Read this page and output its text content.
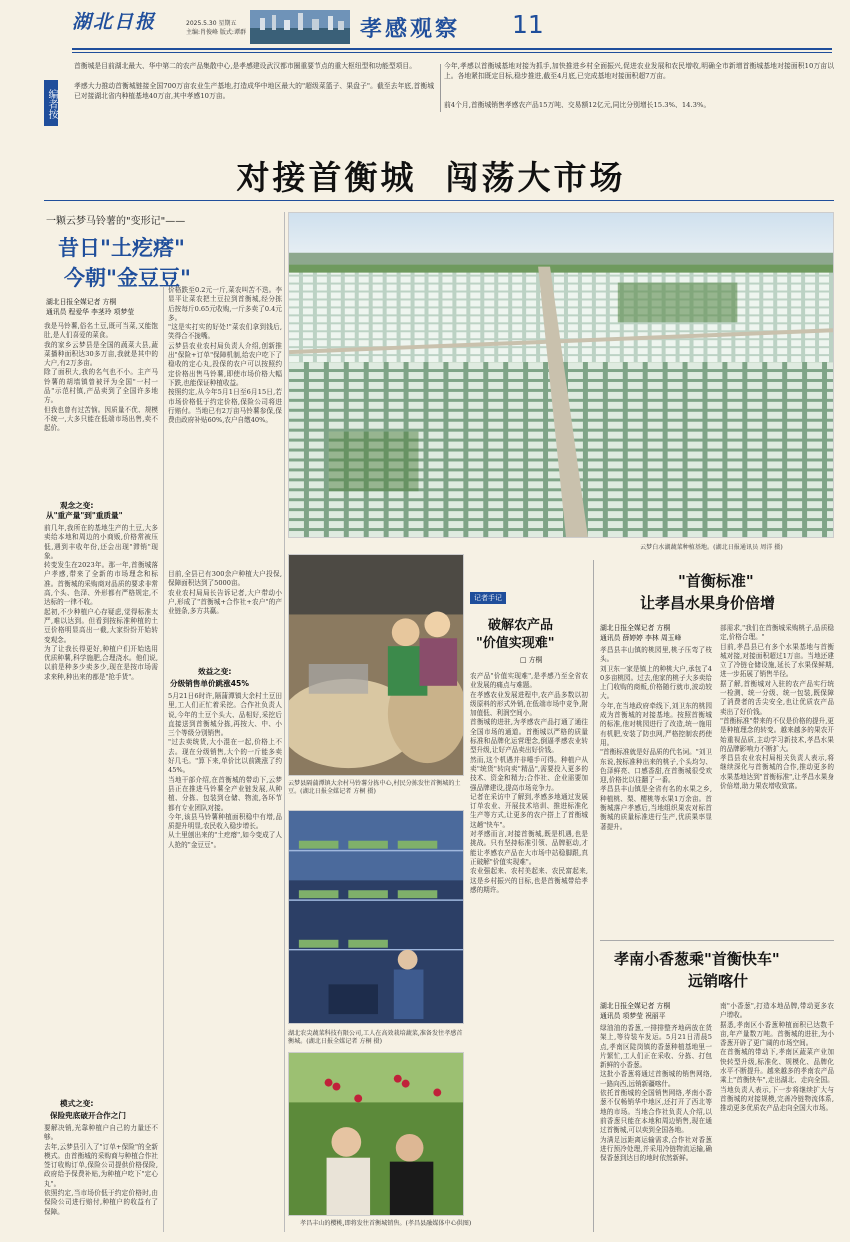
湖北日报	2025.5.30 星期五
主编:肖俊峰 版式:谭群	孝感观察 11
编者按
首衡城是目前湖北最大、华中第二的农产品集散中心,是孝感建设武汉都市圈重要节点的重大枢纽型和功能型项目。
孝感大力推动首衡城链接全国700万亩农业生产基地,打造成华中地区最大的"超级菜篮子、果盘子"。截至去年底,首衡城已对接湖北省内种植基地40万亩,其中孝感10万亩。
今年,孝感以首衡城基地对接为抓手,加快推进乡村全面振兴,促进农业发展和农民增收,明确全市新增首衡城基地对接面积10万亩以上。各地紧扣既定目标,稳步推进,截至4月底,已完成基地对接面积超7万亩。
前4个月,首衡城销售孝感农产品15万吨、交易额12亿元,同比分别增长15.3%、14.3%。
对接首衡城  闯荡大市场
一颗云梦马铃薯的"变形记"——
昔日"土疙瘩"
今朝"金豆豆"
湖北日报全媒记者 方桐
通讯员 程爱华 李茎玲 项梦莹
我是马铃薯,俗名土豆,既可当菜,又能饱肚,是人们喜爱的菜食。
我的家乡云梦县是全国的蔬菜大县,蔬菜播种面积达30多万亩,我就是其中的大户,有2万多亩。
除了面积大,我的名气也不小。主产马铃薯的胡墙镇曾被评为全国"一村一品"示范村镇,产品卖到了全国许多地方。
但我也曾有过苦恼。因质量不优、规模不统一,大多只能在低端市场出售,卖不起价。
观念之变:
从"重产量"到"重质量"
前几年,我所在的基地生产的土豆,大多卖给本地和周边的小商贩,价格常被压低,遇到丰收年份,还会出现"滞销"现象。
转变发生在2023年。那一年,首衡城落户孝感,带来了全新的市场理念和标准。首衡城的采购商对品质的要求非常高,个头、色泽、外形都有严格规定,不达标的一律不收。
起初,不少种植户心存疑虑,觉得标准太严,难以达到。但看到按标准种植的土豆价格明显高出一截,大家纷纷开始转变观念。
为了让我长得更好,种植户们开始选用优质种薯,科学施肥,合理浇水。他们说,以前是种多少卖多少,现在是按市场需求来种,种出来的都是"抢手货"。
模式之变:
保险兜底破开合作之门
要解决销,光靠种植户自己的力量还不够。
去年,云梦县引入了"订单+保险"的全新模式。由首衡城的采购商与种植合作社签订收购订单,保险公司提供价格保险,政府给予保费补贴,为种植户吃下"定心丸"。
依照约定,当市场价低于约定价格时,由保险公司进行赔付,种植户的收益有了保障。
价格跌至0.2元一斤,菜农叫苦不迭。李显平让菜农把土豆拉到首衡城,经分拣后按每斤0.65元收购,一斤多卖了0.4元多。
"这是实打实的好处!"菜农们拿到钱后,笑得合不拢嘴。
云梦县农业农村局负责人介绍,创新推出"保险+订单"保障机制,给农户吃下了稳收的定心丸,投保的农户可以按照约定价格出售马铃薯,即使市场价格大幅下跌,也能保证种植收益。
按照约定,从今年5月1日至6月15日,若市场价格低于约定价格,保险公司将进行赔付。当地已有2万亩马铃薯参保,保费由政府补贴60%,农户自缴40%。
目前,全县已有300余户种植大户投保,保障面积达到了5000亩。
农业农村局局长告诉记者,大户带动小户,形成了"首衡城+合作社+农户"的产业链条,多方共赢。
效益之变:
分级销售单价跳涨45%
5月21日6时许,隔蒲潭镇大余村土豆田里,工人们正忙着采挖。合作社负责人说,今年的土豆个头大、品相好,采挖后直接送到首衡城分拣,再按大、中、小三个等级分别销售。
"过去卖统货,大小混在一起,价格上不去。现在分级销售,大个的一斤能多卖好几毛。"算下来,单价比以前跳涨了约45%。
当地干部介绍,在首衡城的带动下,云梦县正在推进马铃薯全产业链发展,从种植、分拣、包装到仓储、物流,各环节都有专业团队对接。
今年,该县马铃薯种植面积稳中有增,品质提升明显,农民收入稳步增长。
从土里刨出来的"土疙瘩",如今变成了人人抢的"金豆豆"。
云梦白水湖蔬菜种植基地。(湖北日报通讯员 周洋 摄)
云梦县隔蒲潭镇大余村马铃薯分拣中心,村民分拣发往首衡城的土豆。(湖北日报全媒记者 方桐 摄)
湖北农尖蔬菜科技有限公司,工人在高效栽培蔬菜,准备发往孝感首衡城。(湖北日报全媒记者 方桐 摄)
孝昌丰山的樱桃,即将发往首衡城销售。(孝昌县融媒体中心供图)
记者手记
破解农产品
"价值实现难"
□ 方桐
农产品"价值实现难",是孝感乃至全省农业发展的痛点与难题。
在孝感农业发展进程中,农产品多数以初级原料的形式外销,在低端市场中竞争,附加值低、利润空间小。
首衡城的进驻,为孝感农产品打通了通往全国市场的通道。首衡城以严格的质量标准和品牌化运营理念,倒逼孝感农业转型升级,让好产品卖出好价钱。
然而,这个机遇并非唾手可得。种植户从卖"统货"转向卖"精品",需要投入更多的技术、资金和精力;合作社、企业需要加强品牌建设,提高市场竞争力。
记者在采访中了解到,孝感多地通过发展订单农业、开展技术培训、推进标准化生产等方式,让更多的农户搭上了首衡城这趟"快车"。
对孝感而言,对接首衡城,既是机遇,也是挑战。只有坚持标准引领、品牌驱动,才能让孝感农产品在大市场中站稳脚跟,真正破解"价值实现难"。
农业强起来、农村美起来、农民富起来,这是乡村振兴的目标,也是首衡城带给孝感的期许。
"首衡标准"
让孝昌水果身价倍增
湖北日报全媒记者 方桐
通讯员 薛婷婷 李林 周玉峰
孝昌县丰山镇的桃园里,桃子压弯了枝头。
刘卫东一家是镇上的种桃大户,承包了40多亩桃园。过去,他家的桃子大多卖给上门收购的商贩,价格随行就市,波动较大。
今年,在当地政府牵线下,刘卫东的桃园成为首衡城的对接基地。按照首衡城的标准,他对桃园进行了改造,统一施用有机肥,安装了防虫网,严格控制农药使用。
"首衡标准就是好品质的代名词。"刘卫东说,按标准种出来的桃子,个头均匀、色泽鲜亮、口感香甜,在首衡城很受欢迎,价格比以往翻了一番。
孝昌县丰山镇是全省有名的水果之乡,种植桃、梨、樱桃等水果1万余亩。首衡城落户孝感后,当地组织果农对标首衡城的质量标准进行生产,优质果率显著提升。
部需求,"我们在首衡城采购桃子,品质稳定,价格合理。"
目前,孝昌县已有多个水果基地与首衡城对接,对接面积超过1万亩。当地还建立了冷链仓储设施,延长了水果保鲜期,进一步拓展了销售半径。
据了解,首衡城对入驻的农产品实行统一检测、统一分级、统一包装,既保障了消费者的舌尖安全,也让优质农产品卖出了好价钱。
"首衡标准"带来的不仅是价格的提升,更是种植理念的转变。越来越多的果农开始重视品质,主动学习新技术,孝昌水果的品牌影响力不断扩大。
孝昌县农业农村局相关负责人表示,将继续深化与首衡城的合作,推动更多的水果基地达到"首衡标准",让孝昌水果身价倍增,助力果农增收致富。
孝南小香葱乘"首衡快车"
远销喀什
湖北日报全媒记者 方桐
通讯员 项梦莹 祝丽平
绿油油的香葱,一排排整齐地码放在货架上,等待装车发运。5月21日清晨5点,孝南区陡岗镇的香葱种植基地里一片繁忙,工人们正在采收、分拣、打包新鲜的小香葱。
这批小香葱将通过首衡城的销售网络,一路向西,远销新疆喀什。
依托首衡城的全国销售网络,孝南小香葱不仅畅销华中地区,还打开了西北等地的市场。当地合作社负责人介绍,以前香葱只能在本地和周边销售,现在通过首衡城,可以卖到全国各地。
为满足远距离运输需求,合作社对香葱进行预冷处理,并采用冷链物流运输,确保香葱到达目的地时依然新鲜。
南"小香葱",打造本地品牌,带动更多农户增收。
据悉,孝南区小香葱种植面积已达数千亩,年产量数万吨。首衡城的进驻,为小香葱开辟了更广阔的市场空间。
在首衡城的带动下,孝南区蔬菜产业加快转型升级,标准化、规模化、品牌化水平不断提升。越来越多的孝南农产品乘上"首衡快车",走出湖北、走向全国。
当地负责人表示,下一步将继续扩大与首衡城的对接规模,完善冷链物流体系,推动更多优质农产品走向全国大市场。
